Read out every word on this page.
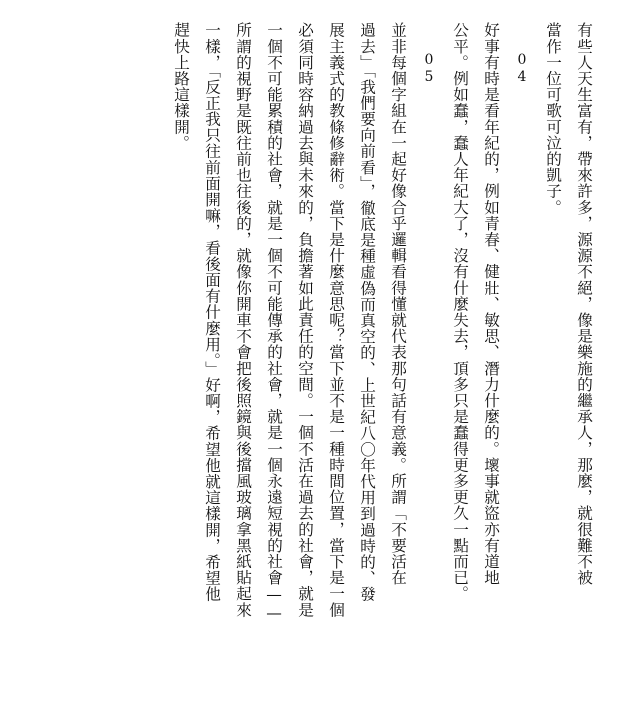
有些人天生富有，帶來許多，源源不絕，像是樂施的繼承人，那麼，就很難不被
當作一位可歌可泣的凱子。
04
好事有時是看年紀的，例如青春、健壯、敏思、潛力什麼的。壞事就盜亦有道地
公平。例如蠢，蠢人年紀大了，沒有什麼失去，頂多只是蠢得更多更久一點而已。
05
並非每個字組在一起好像合乎邏輯看得懂就代表那句話有意義。所謂「不要活在
過去」「我們要向前看」，徹底是種虛偽而真空的、上世紀八〇年代用到過時的、發
展主義式的教條修辭術。當下是什麼意思呢？當下並不是一種時間位置，當下是一個
必須同時容納過去與未來的，負擔著如此責任的空間。一個不活在過去的社會，就是
一個不可能累積的社會，就是一個不可能傳承的社會，就是一個永遠短視的社會——
所謂的視野是既往前也往後的，就像你開車不會把後照鏡與後擋風玻璃拿黑紙貼起來
一樣，「反正我只往前面開嘛，看後面有什麼用。」好啊，希望他就這樣開，希望他
趕快上路這樣開。
